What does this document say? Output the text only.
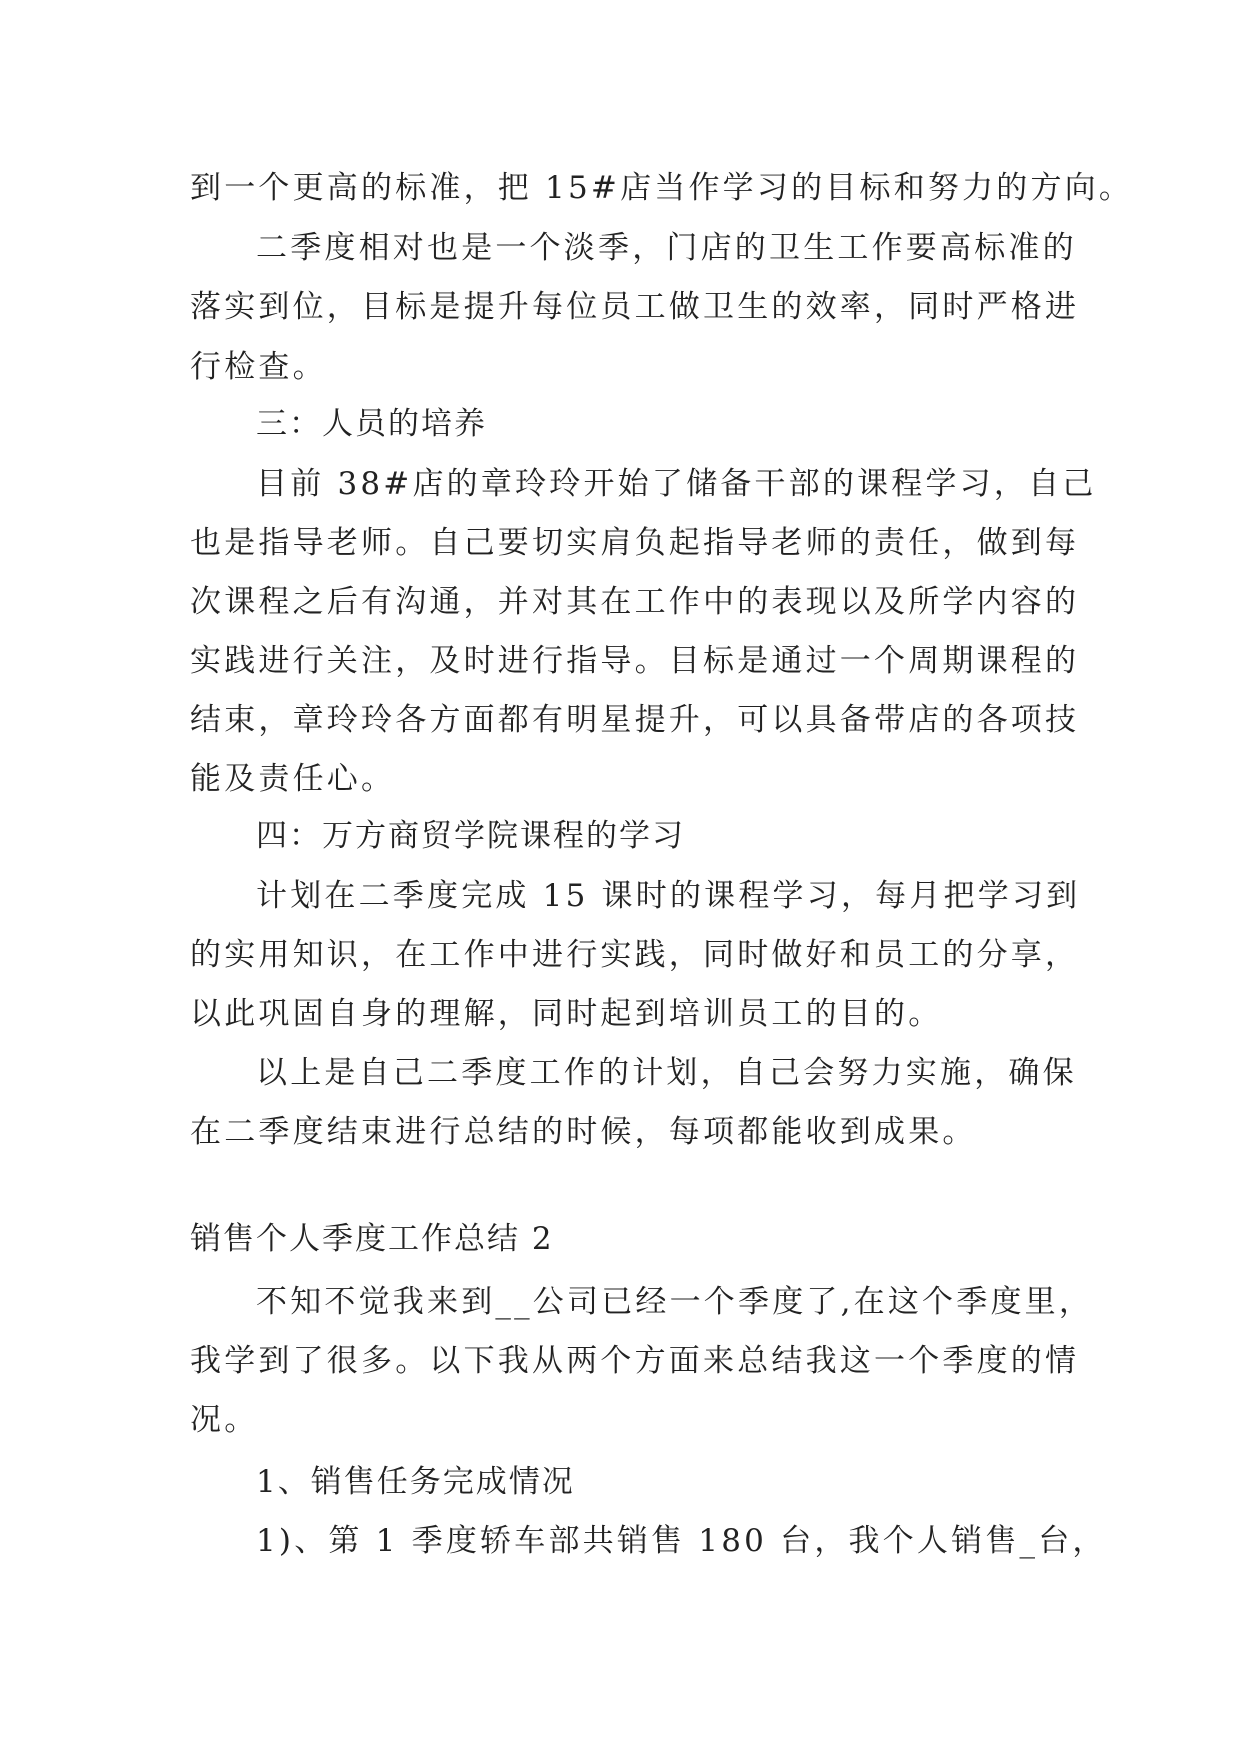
到一个更高的标准，把 15#店当作学习的目标和努力的方向。

二季度相对也是一个淡季，门店的卫生工作要高标准的

落实到位，目标是提升每位员工做卫生的效率，同时严格进

行检查。

三：人员的培养

目前 38#店的章玲玲开始了储备干部的课程学习，自己

也是指导老师。自己要切实肩负起指导老师的责任，做到每

次课程之后有沟通，并对其在工作中的表现以及所学内容的

实践进行关注，及时进行指导。目标是通过一个周期课程的

结束，章玲玲各方面都有明星提升，可以具备带店的各项技

能及责任心。

四：万方商贸学院课程的学习

计划在二季度完成 15 课时的课程学习，每月把学习到

的实用知识，在工作中进行实践，同时做好和员工的分享，

以此巩固自身的理解，同时起到培训员工的目的。

以上是自己二季度工作的计划，自己会努力实施，确保

在二季度结束进行总结的时候，每项都能收到成果。

销售个人季度工作总结 2

不知不觉我来到__公司已经一个季度了,在这个季度里，

我学到了很多。以下我从两个方面来总结我这一个季度的情

况。

1、销售任务完成情况

1)、第 1 季度轿车部共销售 180 台，我个人销售_台，
